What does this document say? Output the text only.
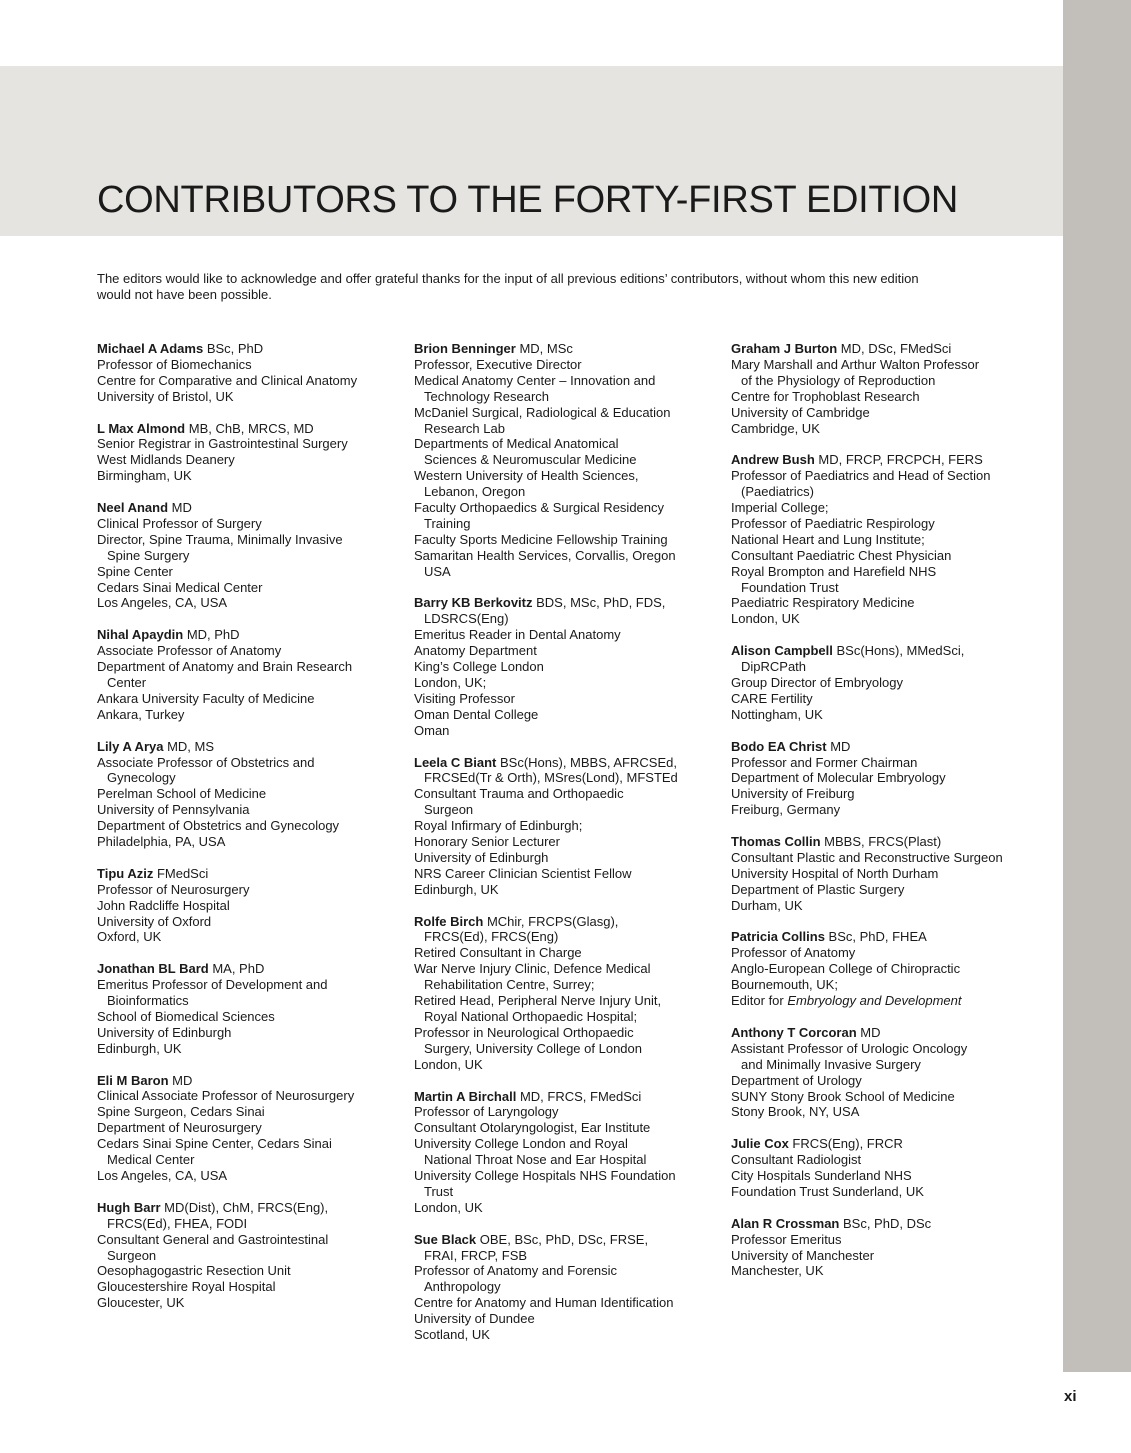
CONTRIBUTORS TO THE FORTY-FIRST EDITION

The editors would like to acknowledge and offer grateful thanks for the input of all previous editions’ contributors, without whom this new edition
would not have been possible.

Michael A Adams BSc, PhD
Professor of Biomechanics
Centre for Comparative and Clinical Anatomy
University of Bristol, UK
L Max Almond MB, ChB, MRCS, MD
Senior Registrar in Gastrointestinal Surgery
West Midlands Deanery
Birmingham, UK
Neel Anand MD
Clinical Professor of Surgery
Director, Spine Trauma, Minimally Invasive
Spine Surgery
Spine Center
Cedars Sinai Medical Center
Los Angeles, CA, USA
Nihal Apaydin MD, PhD
Associate Professor of Anatomy
Department of Anatomy and Brain Research
Center
Ankara University Faculty of Medicine
Ankara, Turkey
Lily A Arya MD, MS
Associate Professor of Obstetrics and
Gynecology
Perelman School of Medicine
University of Pennsylvania
Department of Obstetrics and Gynecology
Philadelphia, PA, USA
Tipu Aziz FMedSci
Professor of Neurosurgery
John Radcliffe Hospital
University of Oxford
Oxford, UK
Jonathan BL Bard MA, PhD
Emeritus Professor of Development and
Bioinformatics
School of Biomedical Sciences
University of Edinburgh
Edinburgh, UK
Eli M Baron MD
Clinical Associate Professor of Neurosurgery
Spine Surgeon, Cedars Sinai
Department of Neurosurgery
Cedars Sinai Spine Center, Cedars Sinai
Medical Center
Los Angeles, CA, USA
Hugh Barr MD(Dist), ChM, FRCS(Eng),
FRCS(Ed), FHEA, FODI
Consultant General and Gastrointestinal
Surgeon
Oesophagogastric Resection Unit
Gloucestershire Royal Hospital
Gloucester, UK
Brion Benninger MD, MSc
Professor, Executive Director
Medical Anatomy Center – Innovation and
Technology Research
McDaniel Surgical, Radiological & Education
Research Lab
Departments of Medical Anatomical
Sciences & Neuromuscular Medicine
Western University of Health Sciences,
Lebanon, Oregon
Faculty Orthopaedics & Surgical Residency
Training
Faculty Sports Medicine Fellowship Training
Samaritan Health Services, Corvallis, Oregon
USA
Barry KB Berkovitz BDS, MSc, PhD, FDS,
LDSRCS(Eng)
Emeritus Reader in Dental Anatomy
Anatomy Department
King’s College London
London, UK;
Visiting Professor
Oman Dental College
Oman
Leela C Biant BSc(Hons), MBBS, AFRCSEd,
FRCSEd(Tr & Orth), MSres(Lond), MFSTEd
Consultant Trauma and Orthopaedic
Surgeon
Royal Infirmary of Edinburgh;
Honorary Senior Lecturer
University of Edinburgh
NRS Career Clinician Scientist Fellow
Edinburgh, UK
Rolfe Birch MChir, FRCPS(Glasg),
FRCS(Ed), FRCS(Eng)
Retired Consultant in Charge
War Nerve Injury Clinic, Defence Medical
Rehabilitation Centre, Surrey;
Retired Head, Peripheral Nerve Injury Unit,
Royal National Orthopaedic Hospital;
Professor in Neurological Orthopaedic
Surgery, University College of London
London, UK
Martin A Birchall MD, FRCS, FMedSci
Professor of Laryngology
Consultant Otolaryngologist, Ear Institute
University College London and Royal
National Throat Nose and Ear Hospital
University College Hospitals NHS Foundation
Trust
London, UK
Sue Black OBE, BSc, PhD, DSc, FRSE,
FRAI, FRCP, FSB
Professor of Anatomy and Forensic
Anthropology
Centre for Anatomy and Human Identification
University of Dundee
Scotland, UK
Graham J Burton MD, DSc, FMedSci
Mary Marshall and Arthur Walton Professor
of the Physiology of Reproduction
Centre for Trophoblast Research
University of Cambridge
Cambridge, UK
Andrew Bush MD, FRCP, FRCPCH, FERS
Professor of Paediatrics and Head of Section
(Paediatrics)
Imperial College;
Professor of Paediatric Respirology
National Heart and Lung Institute;
Consultant Paediatric Chest Physician
Royal Brompton and Harefield NHS
Foundation Trust
Paediatric Respiratory Medicine
London, UK
Alison Campbell BSc(Hons), MMedSci,
DipRCPath
Group Director of Embryology
CARE Fertility
Nottingham, UK
Bodo EA Christ MD
Professor and Former Chairman
Department of Molecular Embryology
University of Freiburg
Freiburg, Germany
Thomas Collin MBBS, FRCS(Plast)
Consultant Plastic and Reconstructive Surgeon
University Hospital of North Durham
Department of Plastic Surgery
Durham, UK
Patricia Collins BSc, PhD, FHEA
Professor of Anatomy
Anglo-European College of Chiropractic
Bournemouth, UK;
Editor for Embryology and Development
Anthony T Corcoran MD
Assistant Professor of Urologic Oncology
and Minimally Invasive Surgery
Department of Urology
SUNY Stony Brook School of Medicine
Stony Brook, NY, USA
Julie Cox FRCS(Eng), FRCR
Consultant Radiologist
City Hospitals Sunderland NHS
Foundation Trust Sunderland, UK
Alan R Crossman BSc, PhD, DSc
Professor Emeritus
University of Manchester
Manchester, UK
xi
